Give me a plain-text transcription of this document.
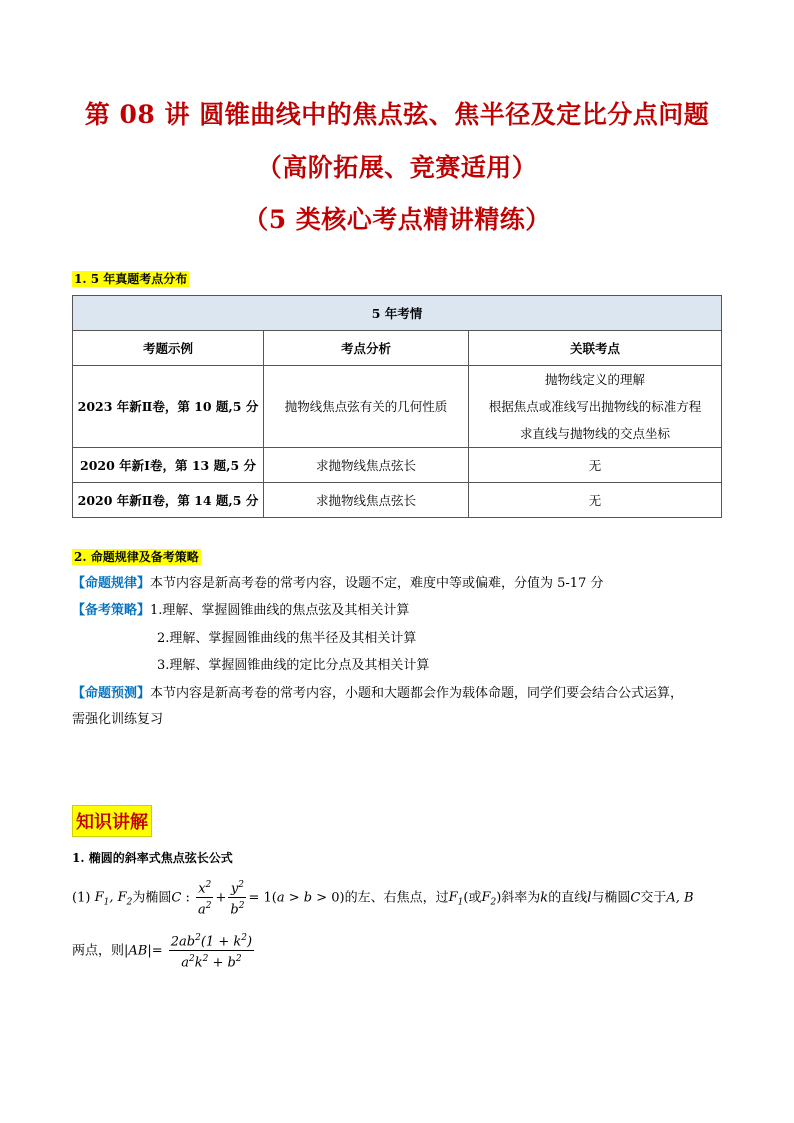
第 08 讲 圆锥曲线中的焦点弦、焦半径及定比分点问题
（高阶拓展、竞赛适用）
（5 类核心考点精讲精练）
1. 5 年真题考点分布
5 年考情		
考题示例	考点分析	关联考点
2023 年新Ⅱ卷，第 10 题,5 分	抛物线焦点弦有关的几何性质	抛物线定义的理解
根据焦点或准线写出抛物线的标准方程
求直线与抛物线的交点坐标

2020 年新Ⅰ卷，第 13 题,5 分	求抛物线焦点弦长	无
2020 年新Ⅱ卷，第 14 题,5 分	求抛物线焦点弦长	无
2. 命题规律及备考策略
【命题规律】本节内容是新高考卷的常考内容，设题不定，难度中等或偏难，分值为 5-17 分
【备考策略】1.理解、掌握圆锥曲线的焦点弦及其相关计算
2.理解、掌握圆锥曲线的焦半径及其相关计算
3.理解、掌握圆锥曲线的定比分点及其相关计算
【命题预测】本节内容是新高考卷的常考内容，小题和大题都会作为载体命题，同学们要会结合公式运算，
需强化训练复习
知识讲解
1. 椭圆的斜率式焦点弦长公式
(1) $F_1$, $F_2$为椭圆C : $\frac{x^2}{a^2} + \frac{y^2}{b^2} = 1(a > b > 0)$的左、右焦点，过$F_1$(或$F_2$)斜率为k的直线l与椭圆C交于A, B
两点，则$|AB|= \frac{2ab^2(1 + k^2)}{a^2k^2 + b^2}$
